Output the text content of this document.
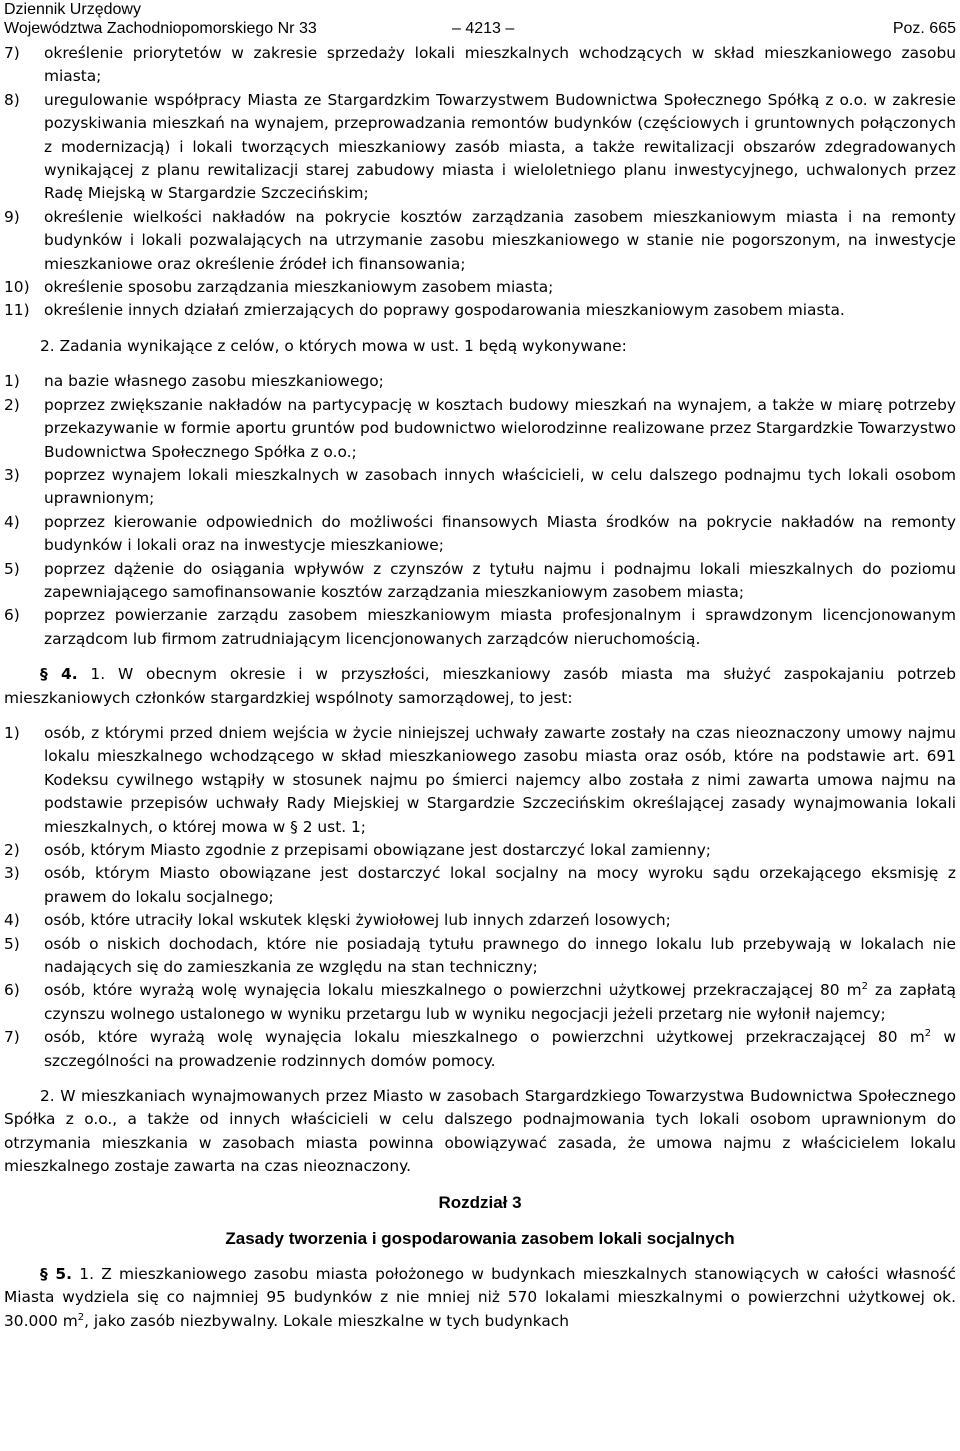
Dziennik Urzędowy
Województwa Zachodniopomorskiego Nr 33	– 4213 –	Poz. 665
7) określenie priorytetów w zakresie sprzedaży lokali mieszkalnych wchodzących w skład mieszkaniowego zasobu miasta;
8) uregulowanie współpracy Miasta ze Stargardzkim Towarzystwem Budownictwa Społecznego Spółką z o.o. w zakresie pozyskiwania mieszkań na wynajem, przeprowadzania remontów budynków (częściowych i gruntownych połączonych z modernizacją) i lokali tworzących mieszkaniowy zasób miasta, a także rewitalizacji obszarów zdegradowanych wynikającej z planu rewitalizacji starej zabudowy miasta i wieloletniego planu inwestycyjnego, uchwalonych przez Radę Miejską w Stargardzie Szczecińskim;
9) określenie wielkości nakładów na pokrycie kosztów zarządzania zasobem mieszkaniowym miasta i na remonty budynków i lokali pozwalających na utrzymanie zasobu mieszkaniowego w stanie nie pogorszonym, na inwestycje mieszkaniowe oraz określenie źródeł ich finansowania;
10) określenie sposobu zarządzania mieszkaniowym zasobem miasta;
11) określenie innych działań zmierzających do poprawy gospodarowania mieszkaniowym zasobem miasta.

2. Zadania wynikające z celów, o których mowa w ust. 1 będą wykonywane:

1) na bazie własnego zasobu mieszkaniowego;
2) poprzez zwiększanie nakładów na partycypację w kosztach budowy mieszkań na wynajem, a także w miarę potrzeby przekazywanie w formie aportu gruntów pod budownictwo wielorodzinne realizowane przez Stargardzkie Towarzystwo Budownictwa Społecznego Spółka z o.o.;
3) poprzez wynajem lokali mieszkalnych w zasobach innych właścicieli, w celu dalszego podnajmu tych lokali osobom uprawnionym;
4) poprzez kierowanie odpowiednich do możliwości finansowych Miasta środków na pokrycie nakładów na remonty budynków i lokali oraz na inwestycje mieszkaniowe;
5) poprzez dążenie do osiągania wpływów z czynszów z tytułu najmu i podnajmu lokali mieszkalnych do poziomu zapewniającego samofinansowanie kosztów zarządzania mieszkaniowym zasobem miasta;
6) poprzez powierzanie zarządu zasobem mieszkaniowym miasta profesjonalnym i sprawdzonym licencjonowanym zarządcom lub firmom zatrudniającym licencjonowanych zarządców nieruchomością.

§ 4. 1. W obecnym okresie i w przyszłości, mieszkaniowy zasób miasta ma służyć zaspokajaniu potrzeb mieszkaniowych członków stargardzkiej wspólnoty samorządowej, to jest:

1) osób, z którymi przed dniem wejścia w życie niniejszej uchwały zawarte zostały na czas nieoznaczony umowy najmu lokalu mieszkalnego wchodzącego w skład mieszkaniowego zasobu miasta oraz osób, które na podstawie art. 691 Kodeksu cywilnego wstąpiły w stosunek najmu po śmierci najemcy albo została z nimi zawarta umowa najmu na podstawie przepisów uchwały Rady Miejskiej w Stargardzie Szczecińskim określającej zasady wynajmowania lokali mieszkalnych, o której mowa w § 2 ust. 1;
2) osób, którym Miasto zgodnie z przepisami obowiązane jest dostarczyć lokal zamienny;
3) osób, którym Miasto obowiązane jest dostarczyć lokal socjalny na mocy wyroku sądu orzekającego eksmisję z prawem do lokalu socjalnego;
4) osób, które utraciły lokal wskutek klęski żywiołowej lub innych zdarzeń losowych;
5) osób o niskich dochodach, które nie posiadają tytułu prawnego do innego lokalu lub przebywają w lokalach nie nadających się do zamieszkania ze względu na stan techniczny;
6) osób, które wyrażą wolę wynajęcia lokalu mieszkalnego o powierzchni użytkowej przekraczającej 80 $m^2$ za zapłatą czynszu wolnego ustalonego w wyniku przetargu lub w wyniku negocjacji jeżeli przetarg nie wyłonił najemcy;
7) osób, które wyrażą wolę wynajęcia lokalu mieszkalnego o powierzchni użytkowej przekraczającej 80 $m^2$ w szczególności na prowadzenie rodzinnych domów pomocy.

2. W mieszkaniach wynajmowanych przez Miasto w zasobach Stargardzkiego Towarzystwa Budownictwa Społecznego Spółka z o.o., a także od innych właścicieli w celu dalszego podnajmowania tych lokali osobom uprawnionym do otrzymania mieszkania w zasobach miasta powinna obowiązywać zasada, że umowa najmu z właścicielem lokalu mieszkalnego zostaje zawarta na czas nieoznaczony.

Rozdział 3
Zasady tworzenia i gospodarowania zasobem lokali socjalnych

§ 5. 1. Z mieszkaniowego zasobu miasta położonego w budynkach mieszkalnych stanowiących w całości własność Miasta wydziela się co najmniej 95 budynków z nie mniej niż 570 lokalami mieszkalnymi o powierzchni użytkowej ok. 30.000 $m^2$, jako zasób niezbywalny. Lokale mieszkalne w tych budynkach
